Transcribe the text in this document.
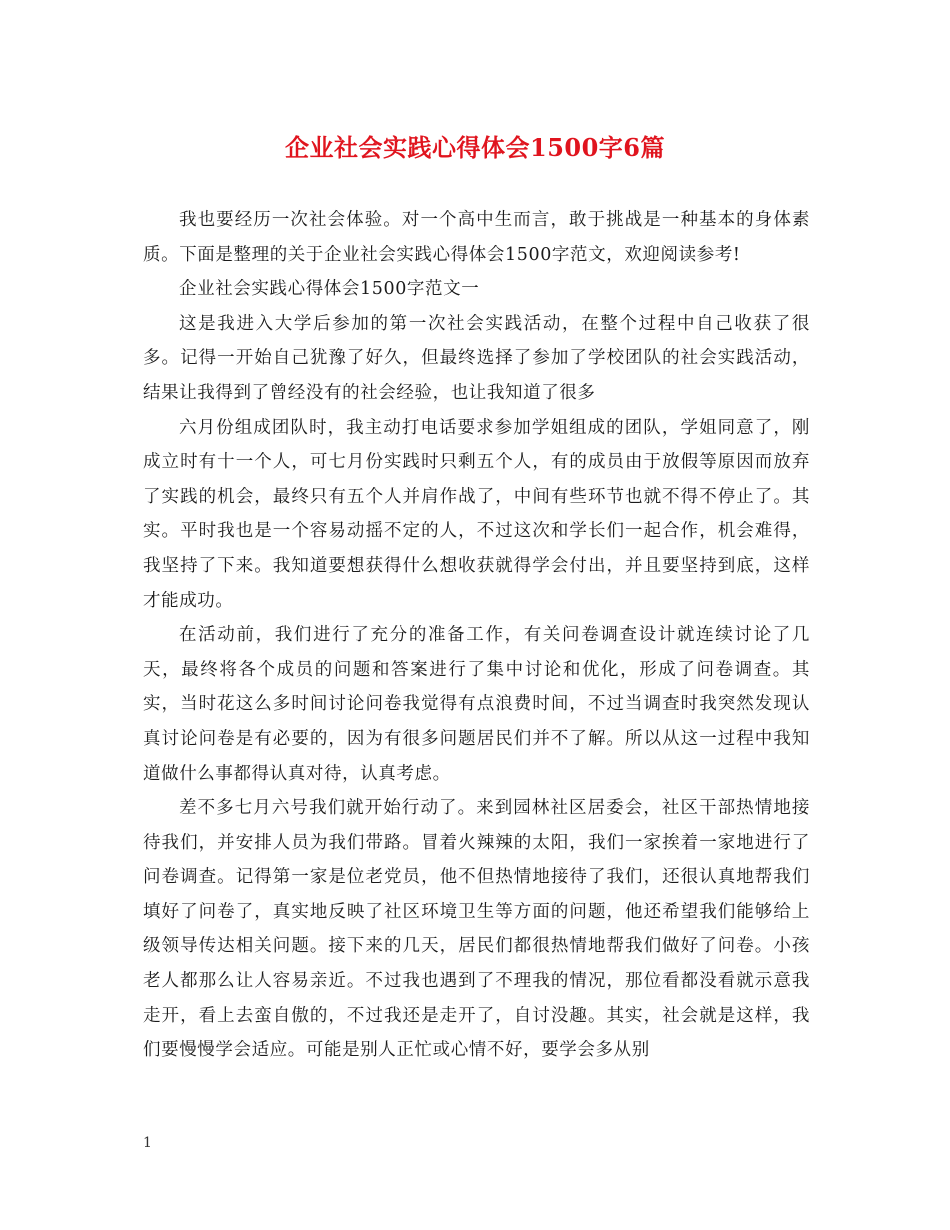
企业社会实践心得体会1500字6篇

我也要经历一次社会体验。对一个高中生而言，敢于挑战是一种基本的身体素质。下面是整理的关于企业社会实践心得体会1500字范文，欢迎阅读参考!

企业社会实践心得体会1500字范文一

这是我进入大学后参加的第一次社会实践活动，在整个过程中自己收获了很多。记得一开始自己犹豫了好久，但最终选择了参加了学校团队的社会实践活动，结果让我得到了曾经没有的社会经验，也让我知道了很多

六月份组成团队时，我主动打电话要求参加学姐组成的团队，学姐同意了，刚成立时有十一个人，可七月份实践时只剩五个人，有的成员由于放假等原因而放弃了实践的机会，最终只有五个人并肩作战了，中间有些环节也就不得不停止了。其实。平时我也是一个容易动摇不定的人，不过这次和学长们一起合作，机会难得，我坚持了下来。我知道要想获得什么想收获就得学会付出，并且要坚持到底，这样才能成功。

在活动前，我们进行了充分的准备工作，有关问卷调查设计就连续讨论了几天，最终将各个成员的问题和答案进行了集中讨论和优化，形成了问卷调查。其实，当时花这么多时间讨论问卷我觉得有点浪费时间，不过当调查时我突然发现认真讨论问卷是有必要的，因为有很多问题居民们并不了解。所以从这一过程中我知道做什么事都得认真对待，认真考虑。

差不多七月六号我们就开始行动了。来到园林社区居委会，社区干部热情地接待我们，并安排人员为我们带路。冒着火辣辣的太阳，我们一家挨着一家地进行了问卷调查。记得第一家是位老党员，他不但热情地接待了我们，还很认真地帮我们填好了问卷了，真实地反映了社区环境卫生等方面的问题，他还希望我们能够给上级领导传达相关问题。接下来的几天，居民们都很热情地帮我们做好了问卷。小孩老人都那么让人容易亲近。不过我也遇到了不理我的情况，那位看都没看就示意我走开，看上去蛮自傲的，不过我还是走开了，自讨没趣。其实，社会就是这样，我们要慢慢学会适应。可能是别人正忙或心情不好，要学会多从别

1
